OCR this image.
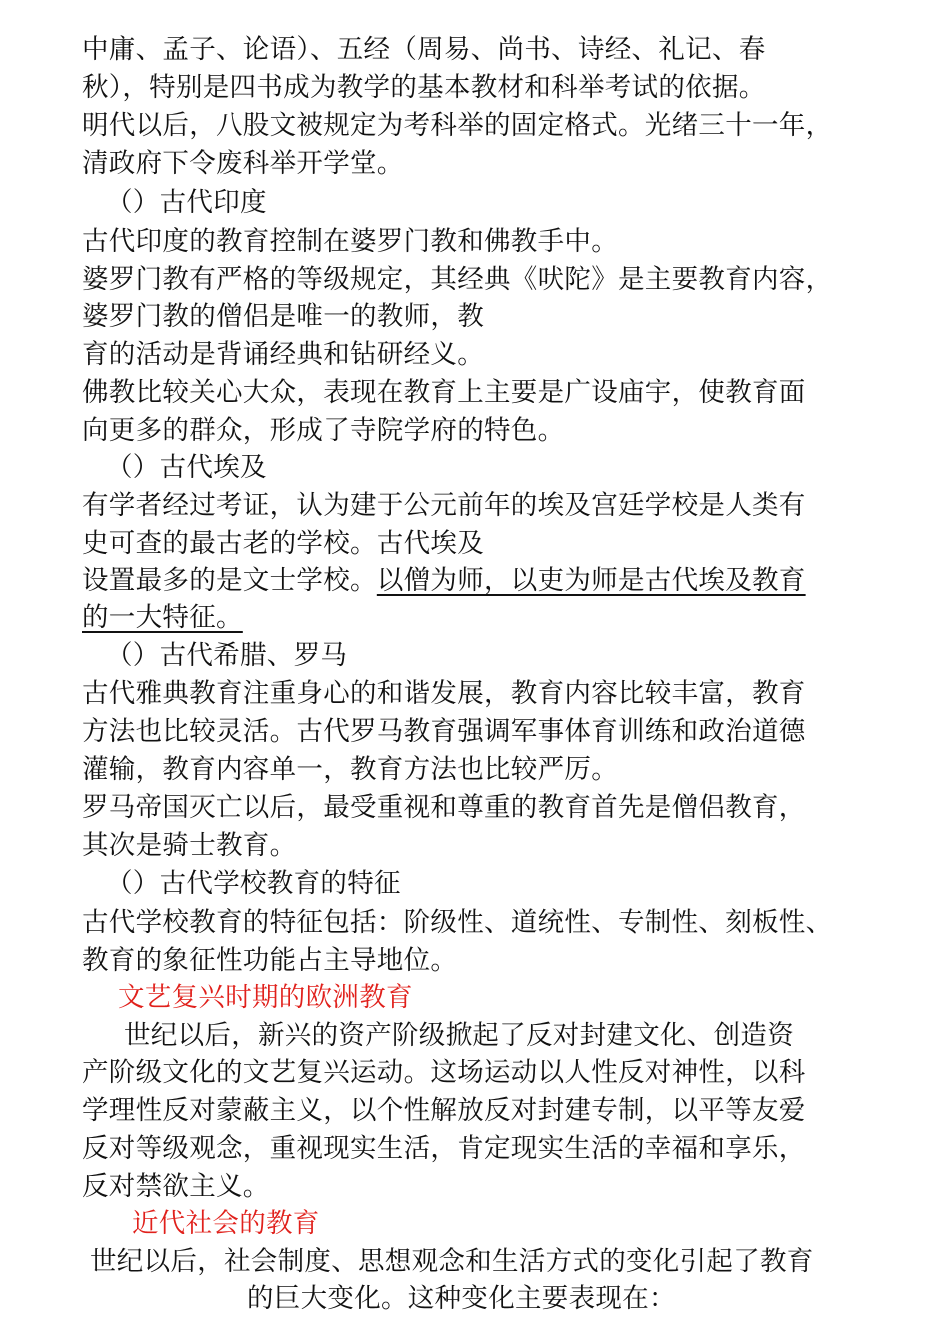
中庸、孟子、论语）、五经（周易、尚书、诗经、礼记、春
秋），特别是四书成为教学的基本教材和科举考试的依据。
明代以后，八股文被规定为考科举的固定格式。光绪三十一年，
清政府下令废科举开学堂。
（）古代印度
古代印度的教育控制在婆罗门教和佛教手中。
婆罗门教有严格的等级规定，其经典《吠陀》是主要教育内容，
婆罗门教的僧侣是唯一的教师，教
育的活动是背诵经典和钻研经义。
佛教比较关心大众，表现在教育上主要是广设庙宇，使教育面
向更多的群众，形成了寺院学府的特色。
（）古代埃及
有学者经过考证，认为建于公元前年的埃及宫廷学校是人类有
史可查的最古老的学校。古代埃及
设置最多的是文士学校。以僧为师，以吏为师是古代埃及教育
的一大特征。
（）古代希腊、罗马
古代雅典教育注重身心的和谐发展，教育内容比较丰富，教育
方法也比较灵活。古代罗马教育强调军事体育训练和政治道德
灌输，教育内容单一，教育方法也比较严厉。
罗马帝国灭亡以后，最受重视和尊重的教育首先是僧侣教育，
其次是骑士教育。
（）古代学校教育的特征
古代学校教育的特征包括：阶级性、道统性、专制性、刻板性、
教育的象征性功能占主导地位。
文艺复兴时期的欧洲教育
世纪以后，新兴的资产阶级掀起了反对封建文化、创造资
产阶级文化的文艺复兴运动。这场运动以人性反对神性，以科
学理性反对蒙蔽主义，以个性解放反对封建专制，以平等友爱
反对等级观念，重视现实生活，肯定现实生活的幸福和享乐，
反对禁欲主义。
近代社会的教育
世纪以后，社会制度、思想观念和生活方式的变化引起了教育
的巨大变化。这种变化主要表现在：
